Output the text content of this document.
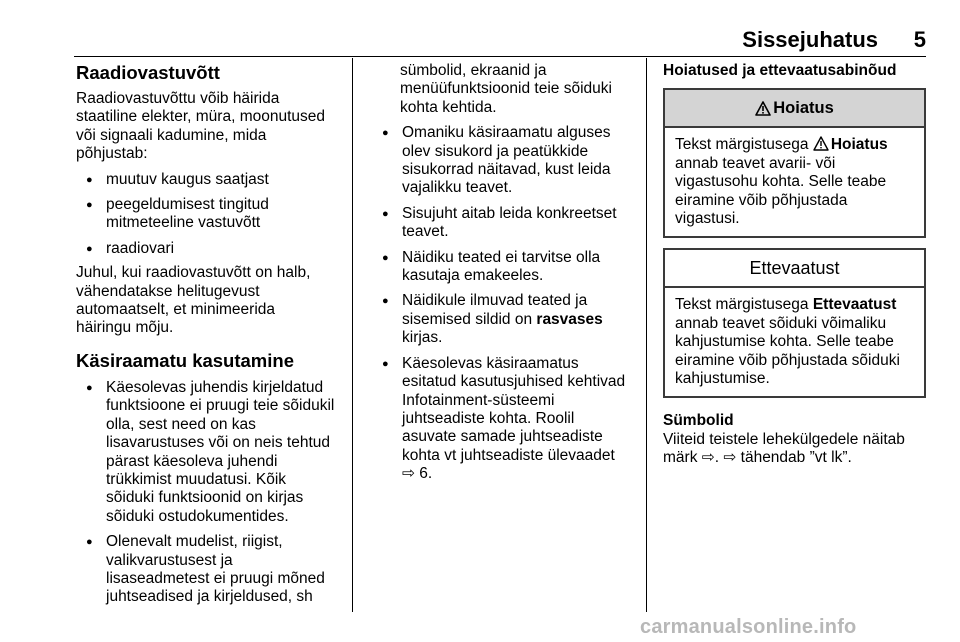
Sissejuhatus 5
Raadiovastuvõtt

Raadiovastuvõttu võib häirida
staatiline elekter, müra, moonutused
või signaali kadumine, mida
põhjustab:

● muutuv kaugus saatjast
● peegeldumisest tingitud
mitmeteeline vastuvõtt
● raadiovari

Juhul, kui raadiovastuvõtt on halb,
vähendatakse helitugevust
automaatselt, et minimeerida
häiringu mõju.

Käsiraamatu kasutamine
● Käesolevas juhendis kirjeldatud
funktsioone ei pruugi teie sõidukil
olla, sest need on kas
lisavarustuses või on neis tehtud
pärast käesoleva juhendi
trükkimist muudatusi. Kõik
sõiduki funktsioonid on kirjas
sõiduki ostudokumentides.
● Olenevalt mudelist, riigist,
valikvarustusest ja
lisaseadmetest ei pruugi mõned
juhtseadised ja kirjeldused, sh

sümbolid, ekraanid ja
menüüfunktsioonid teie sõiduki
kohta kehtida.

● Omaniku käsiraamatu alguses
olev sisukord ja peatükkide
sisukorrad näitavad, kust leida
vajalikku teavet.
● Sisujuht aitab leida konkreetset
teavet.
● Näidiku teated ei tarvitse olla
kasutaja emakeeles.
● Näidikule ilmuvad teated ja
sisemised sildid on rasvases
kirjas.
● Käesolevas käsiraamatus
esitatud kasutusjuhised kehtivad
Infotainment-süsteemi
juhtseadiste kohta. Roolil
asuvate samade juhtseadiste
kohta vt juhtseadiste ülevaadet
⇨ 6.
Hoiatused ja ettevaatusabinõud
Hoiatus
Tekst märgistusega
Hoiatus
annab teavet avarii- või
vigastusohu kohta. Selle teabe
eiramine võib põhjustada
vigastusi.
Ettevaatust
Tekst märgistusega Ettevaatust
annab teavet sõiduki võimaliku
kahjustumise kohta. Selle teabe
eiramine võib põhjustada sõiduki
kahjustumise.
Sümbolid

Viiteid teistele lehekülgedele näitab
märk ⇨. ⇨ tähendab ”vt lk”.

carmanualsonline.info
